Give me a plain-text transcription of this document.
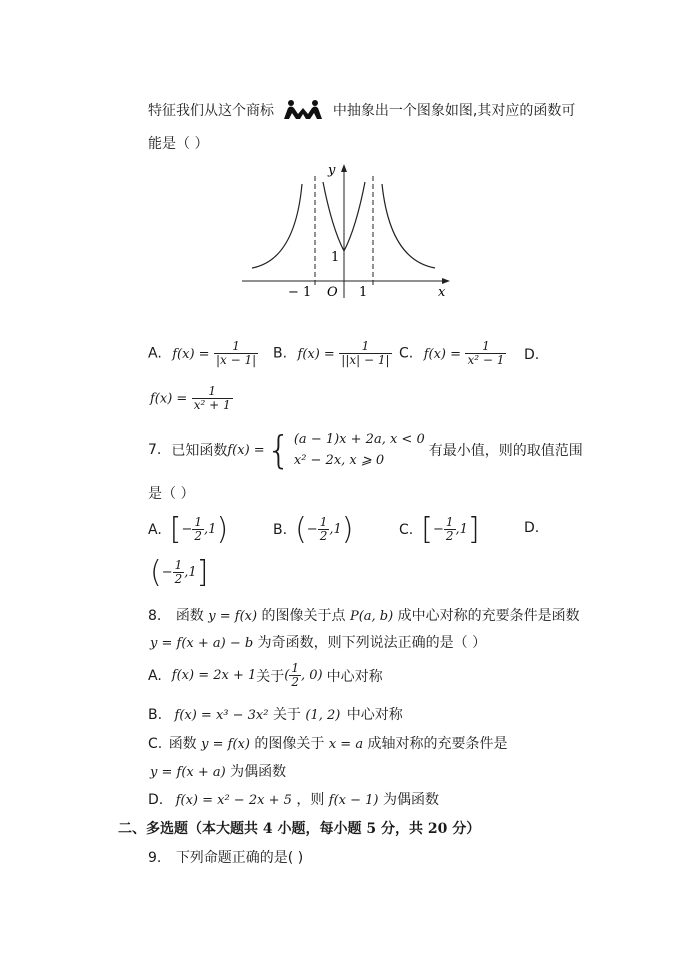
特征我们从这个商标	中抽象出一个图象如图,其对应的函数可
能是（ ）
y
x
− 1 O 1
1
A. $f(x) = \frac{1}{|x - 1|} B$. $f(x) = \frac{1}{||x| - 1|} C$. $f(x) = \frac{1}{\text{x² − 1}} D$.
$f(x) = \frac{1}{\text{x² + 1}}$
7. 已知函数 f(x) = { (a − 1)x + 2a, x < 0
x² − 2x, x ⩾ 0
有最小值，则的取值范围
是（ ）
A. [ − $\frac{1}{2} ,1$ )	B. ( − $\frac{1}{2} ,1$ )	C. [ − $\frac{1}{2} ,1$ ]	D.
( − $\frac{1}{2} ,1$ ]
8. 函数 y = f(x) 的图像关于点 P(a, b) 成中心对称的充要条件是函数
y = f(x + a) − b 为奇函数，则下列说法正确的是（ ）
A. f(x) = 2x + 1 关于 ( $\frac{1}{2}$ , 0) 中心对称
B. f(x) = x³ − 3x² 关于 (1, 2) 中心对称
C. 函数 y = f(x) 的图像关于 x = a 成轴对称的充要条件是
y = f(x + a) 为偶函数
D. f(x) = x² − 2x + 5 ，则 f(x − 1) 为偶函数
二、多选题（本大题共 4 小题，每小题 5 分，共 20 分）
9. 下列命题正确的是( )
